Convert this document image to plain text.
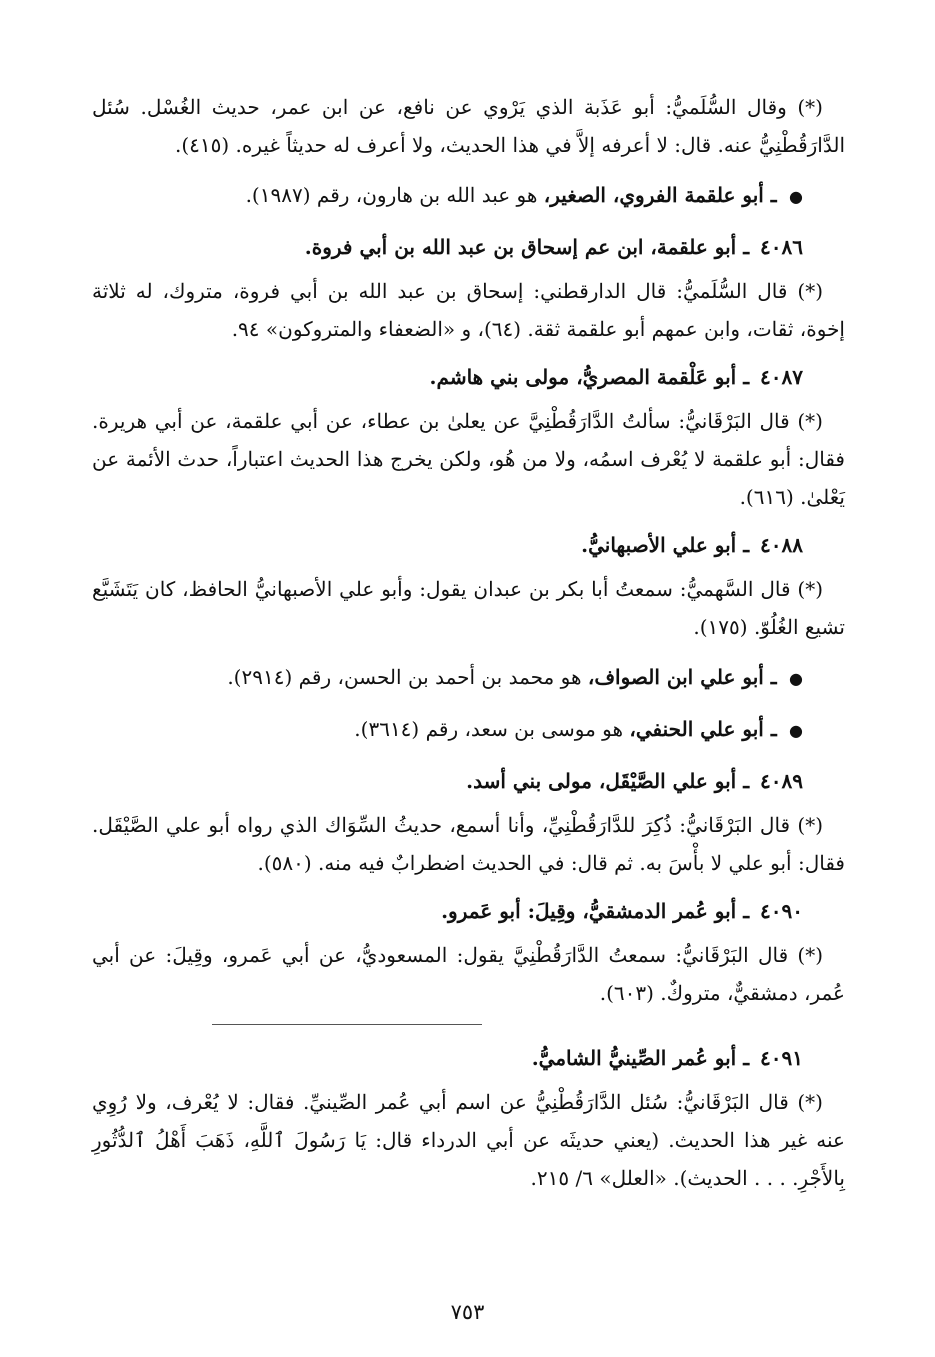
(*) وقال السُّلَميُّ: أبو عَذَبة الذي يَرْوي عن نافع، عن ابن عمر، حديث الغُسْل. سُئل الدَّارَقُطْنِيُّ عنه. قال: لا أعرفه إلاَّ في هذا الحديث، ولا أعرف له حديثاً غيره. (٤١٥).

● ـ أبو علقمة الفروي، الصغير، هو عبد الله بن هارون، رقم (١٩٨٧).
٤٠٨٦ ـ أبو علقمة، ابن عم إسحاق بن عبد الله بن أبي فروة.

(*) قال السُّلَميُّ: قال الدارقطني: إسحاق بن عبد الله بن أبي فروة، متروك، له ثلاثة إخوة، ثقات، وابن عمهم أبو علقمة ثقة. (٦٤)، و «الضعفاء والمتروكون» ٩٤.

٤٠٨٧ ـ أبو عَلْقمة المصريُّ، مولى بني هاشم.

(*) قال البَرْقَانيُّ: سألتُ الدَّارَقُطْنِيَّ عن يعلىٰ بن عطاء، عن أبي علقمة، عن أبي هريرة. فقال: أبو علقمة لا يُعْرف اسمُه، ولا من هُو، ولكن يخرج هذا الحديث اعتباراً، حدث الأئمة عن يَعْلىٰ. (٦١٦).

٤٠٨٨ ـ أبو علي الأصبهانيُّ.

(*) قال السَّهميُّ: سمعتُ أبا بكر بن عبدان يقول: وأبو علي الأصبهانيُّ الحافظ، كان يَتَشَيَّع تشيع الغُلُوّ. (١٧٥).

● ـ أبو علي ابن الصواف، هو محمد بن أحمد بن الحسن، رقم (٢٩١٤).
● ـ أبو علي الحنفي، هو موسى بن سعد، رقم (٣٦١٤).
٤٠٨٩ ـ أبو علي الصَّيْقَل، مولى بني أسد.

(*) قال البَرْقَانيُّ: ذُكِرَ للدَّارَقُطْنِيِّ، وأنا أسمع، حديثُ السِّوَاك الذي رواه أبو علي الصَّيْقَل. فقال: أبو علي لا بأْسَ به. ثم قال: في الحديث اضطرابٌ فيه منه. (٥٨٠).

٤٠٩٠ ـ أبو عُمر الدمشقيُّ، وقِيلَ: أبو عَمرو.

(*) قال البَرْقَانيُّ: سمعتُ الدَّارَقُطْنِيَّ يقول: المسعوديُّ، عن أبي عَمرو، وقِيلَ: عن أبي عُمر، دمشقيٌّ، متروكٌ. (٦٠٣).

٤٠٩١ ـ أبو عُمر الصِّينيُّ الشاميُّ.

(*) قال البَرْقَانيُّ: سُئل الدَّارَقُطْنِيُّ عن اسم أبي عُمر الصِّينيِّ. فقال: لا يُعْرف، ولا رُوِي عنه غير هذا الحديث. (يعني حديثَه عن أبي الدرداء قال: يَا رَسُولَ ٱللَّهِ، ذَهَبَ أَهْلُ ٱلدُّثُورِ بِالأَجْرِ. . . . الحديث). «العلل» ٦/ ٢١٥.

٧٥٣
